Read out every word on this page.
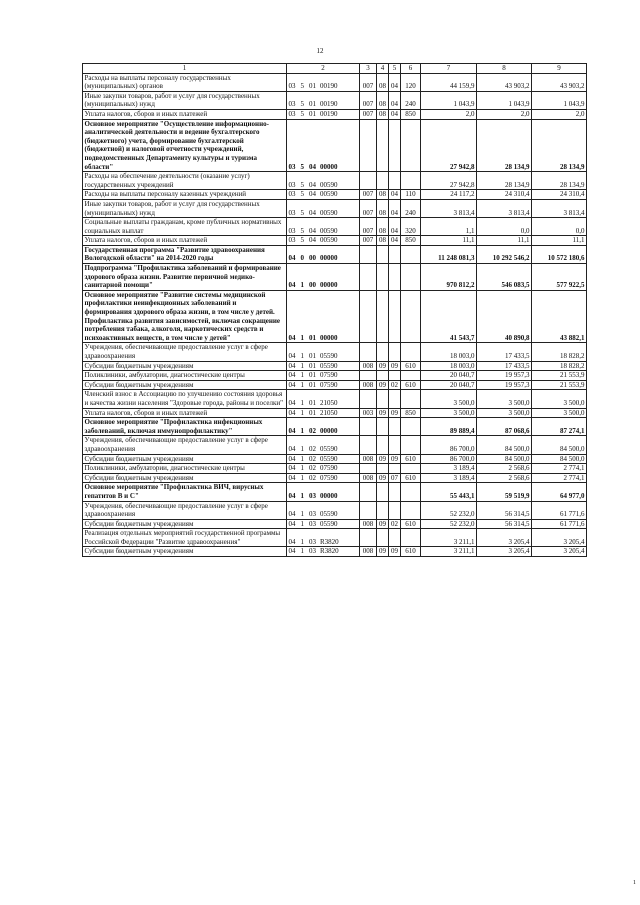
12
1	2	3	4	5	6	7	8	9
Расходы на выплаты персоналу государственных (муниципальных) органов	03 5 01 00190	007	08	04	120	44 159,9	43 903,2	43 903,2
Иные закупки товаров, работ и услуг для государственных (муниципальных) нужд	03 5 01 00190	007	08	04	240	1 043,9	1 043,9	1 043,9
Уплата налогов, сборов и иных платежей	03 5 01 00190	007	08	04	850	2,0	2,0	2,0
Основное мероприятие "Осуществление информационно-аналитической деятельности и ведение бухгалтерского (бюджетного) учета, формирование бухгалтерской (бюджетной) и налоговой отчетности учреждений, подведомственных Департаменту культуры и туризма области"	03 5 04 00000					27 942,8	28 134,9	28 134,9
Расходы на обеспечение деятельности (оказание услуг) государственных учреждений	03 5 04 00590					27 942,8	28 134,9	28 134,9
Расходы на выплаты персоналу казенных учреждений	03 5 04 00590	007	08	04	110	24 117,2	24 310,4	24 310,4
Иные закупки товаров, работ и услуг для государственных (муниципальных) нужд	03 5 04 00590	007	08	04	240	3 813,4	3 813,4	3 813,4
Социальные выплаты гражданам, кроме публичных нормативных социальных выплат	03 5 04 00590	007	08	04	320	1,1	0,0	0,0
Уплата налогов, сборов и иных платежей	03 5 04 00590	007	08	04	850	11,1	11,1	11,1
Государственная программа "Развитие здравоохранения Вологодской области" на 2014-2020 годы	04 0 00 00000					11 248 081,3	10 292 546,2	10 572 180,6
Подпрограмма "Профилактика заболеваний и формирование здорового образа жизни. Развитие первичной медико-санитарной помощи"	04 1 00 00000					970 812,2	546 083,5	577 922,5
Основное мероприятие "Развитие системы медицинской профилактики неинфекционных заболеваний и формирования здорового образа жизни, в том числе у детей. Профилактика развития зависимостей, включая сокращение потребления табака, алкоголя, наркотических средств и психоактивных веществ, в том числе у детей"	04 1 01 00000					41 543,7	40 890,8	43 882,1
Учреждения, обеспечивающие предоставление услуг в сфере здравоохранения	04 1 01 05590					18 003,0	17 433,5	18 828,2
Субсидии бюджетным учреждениям	04 1 01 05590	008	09	09	610	18 003,0	17 433,5	18 828,2
Поликлиники, амбулатории, диагностические центры	04 1 01 07590					20 040,7	19 957,3	21 553,9
Субсидии бюджетным учреждениям	04 1 01 07590	008	09	02	610	20 040,7	19 957,3	21 553,9
Членский взнос в Ассоциацию по улучшению состояния здоровья и качества жизни населения "Здоровые города, районы и поселки"	04 1 01 21050					3 500,0	3 500,0	3 500,0
Уплата налогов, сборов и иных платежей	04 1 01 21050	003	09	09	850	3 500,0	3 500,0	3 500,0
Основное мероприятие "Профилактика инфекционных заболеваний, включая иммунопрофилактику"	04 1 02 00000					89 889,4	87 068,6	87 274,1
Учреждения, обеспечивающие предоставление услуг в сфере здравоохранения	04 1 02 05590					86 700,0	84 500,0	84 500,0
Субсидии бюджетным учреждениям	04 1 02 05590	008	09	09	610	86 700,0	84 500,0	84 500,0
Поликлиники, амбулатории, диагностические центры	04 1 02 07590					3 189,4	2 568,6	2 774,1
Субсидии бюджетным учреждениям	04 1 02 07590	008	09	07	610	3 189,4	2 568,6	2 774,1
Основное мероприятие "Профилактика ВИЧ, вирусных гепатитов В и С"	04 1 03 00000					55 443,1	59 519,9	64 977,0
Учреждения, обеспечивающие предоставление услуг в сфере здравоохранения	04 1 03 05590					52 232,0	56 314,5	61 771,6
Субсидии бюджетным учреждениям	04 1 03 05590	008	09	02	610	52 232,0	56 314,5	61 771,6
Реализация отдельных мероприятий государственной программы Российской Федерации "Развитие здравоохранения"	04 1 03 R3820					3 211,1	3 205,4	3 205,4
Субсидии бюджетным учреждениям	04 1 03 R3820	008	09	09	610	3 211,1	3 205,4	3 205,4
1
